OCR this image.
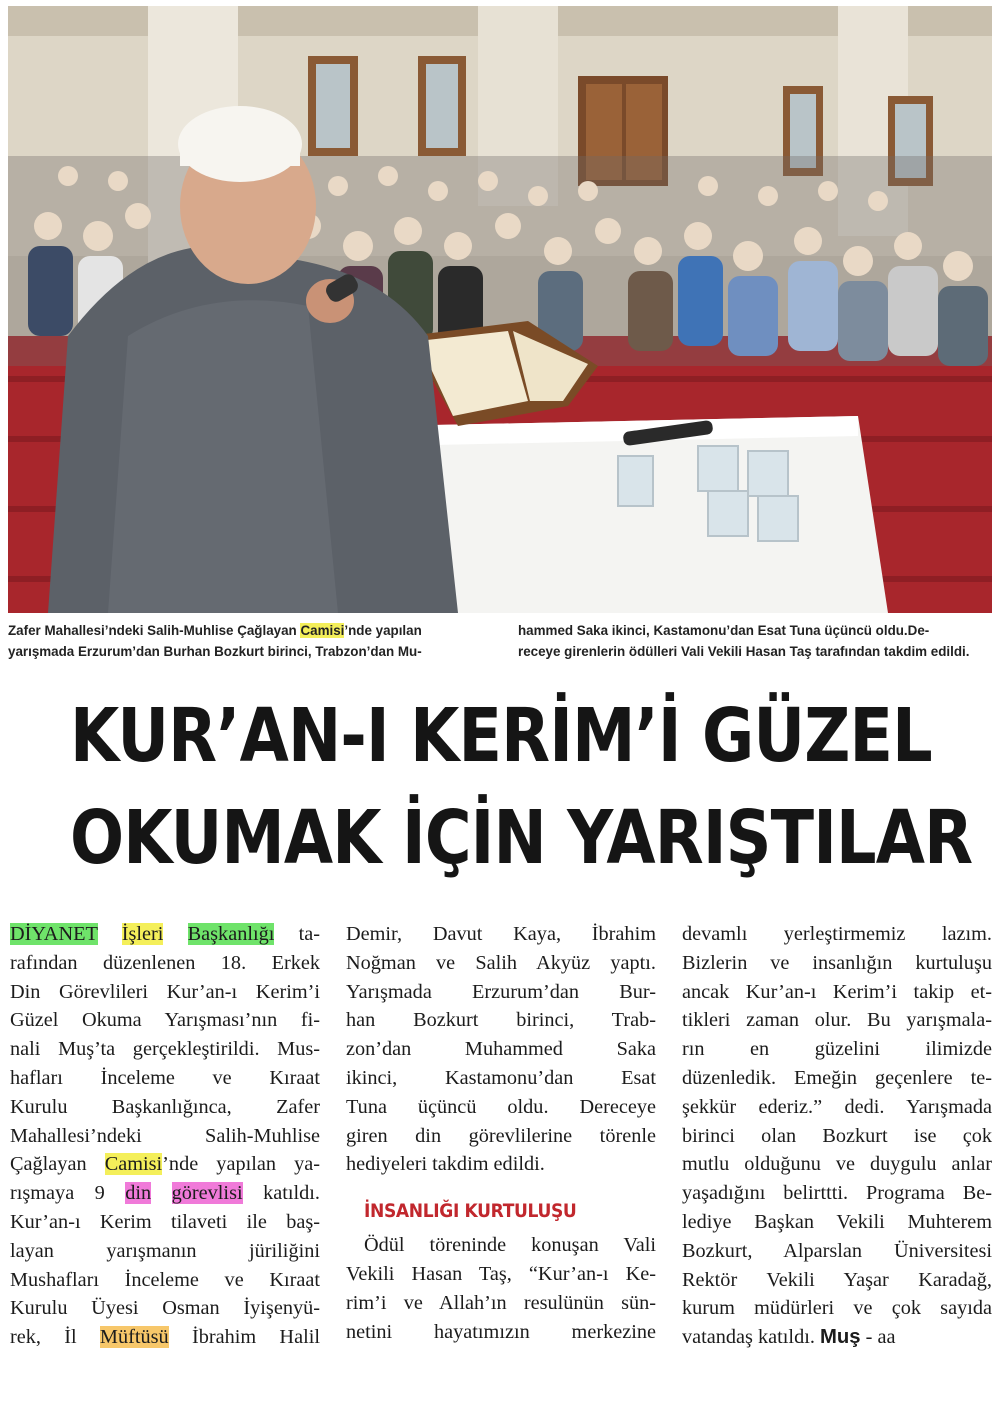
Zafer Mahallesi’ndeki Salih-Muhlise Çağlayan Camisi’nde yapılan
yarışmada Erzurum’dan Burhan Bozkurt birinci, Trabzon’dan Mu-
hammed Saka ikinci, Kastamonu’dan Esat Tuna üçüncü oldu.De-
receye girenlerin ödülleri Vali Vekili Hasan Taş tarafından takdim edildi.
KUR’AN-I KERİM’İ GÜZEL
OKUMAK İÇİN YARIŞTILAR
DİYANET İşleri Başkanlığı ta-
rafından düzenlenen 18. Erkek
Din Görevlileri Kur’an-ı Kerim’i
Güzel Okuma Yarışması’nın fi-
nali Muş’ta gerçekleştirildi. Mus-
hafları İnceleme ve Kıraat
Kurulu Başkanlığınca, Zafer
Mahallesi’ndeki Salih-Muhlise
Çağlayan Camisi’nde yapılan ya-
rışmaya 9 din görevlisi katıldı.
Kur’an-ı Kerim tilaveti ile baş-
layan yarışmanın jüriliğini
Mushafları İnceleme ve Kıraat
Kurulu Üyesi Osman İyişenyü-
rek, İl Müftüsü İbrahim Halil
Demir, Davut Kaya, İbrahim
Noğman ve Salih Akyüz yaptı.
Yarışmada Erzurum’dan Bur-
han Bozkurt birinci, Trab-
zon’dan Muhammed Saka
ikinci, Kastamonu’dan Esat
Tuna üçüncü oldu. Dereceye
giren din görevlilerine törenle
hediyeleri takdim edildi.
İNSANLIĞI KURTULUŞU
Ödül töreninde konuşan Vali
Vekili Hasan Taş, “Kur’an-ı Ke-
rim’i ve Allah’ın resulünün sün-
netini hayatımızın merkezine
devamlı yerleştirmemiz lazım.
Bizlerin ve insanlığın kurtuluşu
ancak Kur’an-ı Kerim’i takip et-
tikleri zaman olur. Bu yarışmala-
rın en güzelini ilimizde
düzenledik. Emeğin geçenlere te-
şekkür ederiz.” dedi. Yarışmada
birinci olan Bozkurt ise çok
mutlu olduğunu ve duygulu anlar
yaşadığını belirttti. Programa Be-
lediye Başkan Vekili Muhterem
Bozkurt, Alparslan Üniversitesi
Rektör Vekili Yaşar Karadağ,
kurum müdürleri ve çok sayıda
vatandaş katıldı. Muş - aa
